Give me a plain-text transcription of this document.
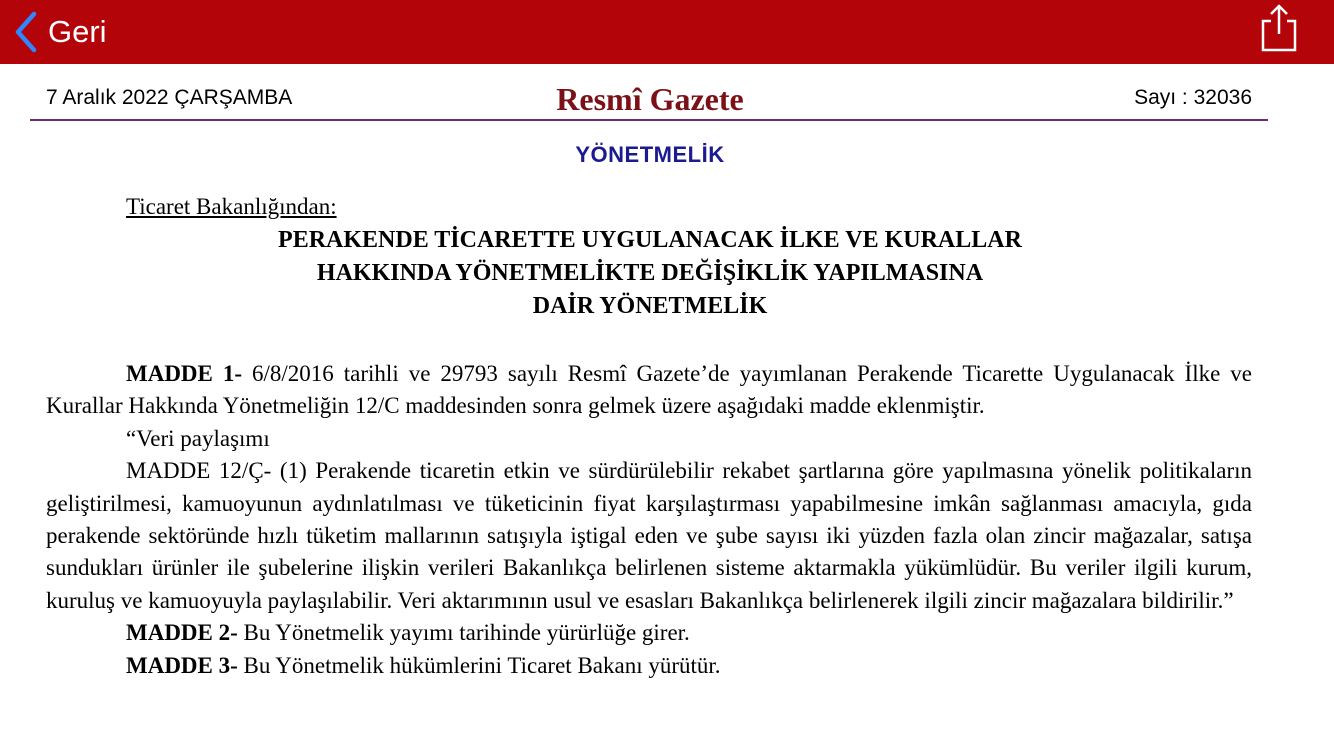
Geri
7 Aralık 2022 ÇARŞAMBA	Resmî Gazete	Sayı : 32036
YÖNETMELİK
Ticaret Bakanlığından:
PERAKENDE TİCARETTE UYGULANACAK İLKE VE KURALLAR
HAKKINDA YÖNETMELİKTE DEĞİŞİKLİK YAPILMASINA
DAİR YÖNETMELİK

MADDE 1- 6/8/2016 tarihli ve 29793 sayılı Resmî Gazete’de yayımlanan Perakende Ticarette Uygulanacak İlke ve Kurallar Hakkında Yönetmeliğin 12/C maddesinden sonra gelmek üzere aşağıdaki madde eklenmiştir.

“Veri paylaşımı

MADDE 12/Ç- (1) Perakende ticaretin etkin ve sürdürülebilir rekabet şartlarına göre yapılmasına yönelik politikaların geliştirilmesi, kamuoyunun aydınlatılması ve tüketicinin fiyat karşılaştırması yapabilmesine imkân sağlanması amacıyla, gıda perakende sektöründe hızlı tüketim mallarının satışıyla iştigal eden ve şube sayısı iki yüzden fazla olan zincir mağazalar, satışa sundukları ürünler ile şubelerine ilişkin verileri Bakanlıkça belirlenen sisteme aktarmakla yükümlüdür. Bu veriler ilgili kurum, kuruluş ve kamuoyuyla paylaşılabilir. Veri aktarımının usul ve esasları Bakanlıkça belirlenerek ilgili zincir mağazalara bildirilir.”

MADDE 2- Bu Yönetmelik yayımı tarihinde yürürlüğe girer.

MADDE 3- Bu Yönetmelik hükümlerini Ticaret Bakanı yürütür.
